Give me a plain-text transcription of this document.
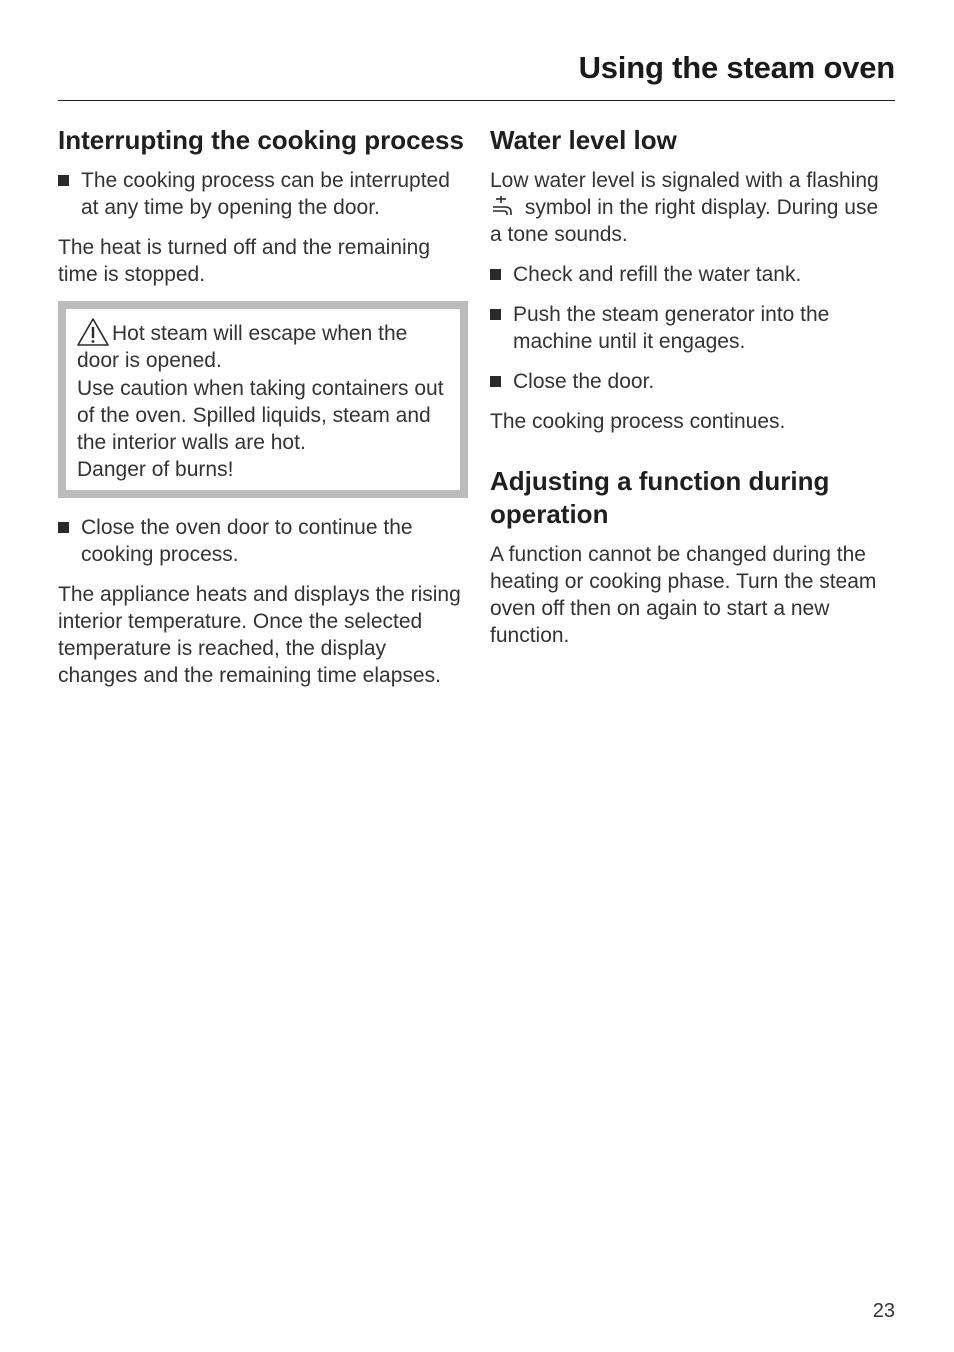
Using the steam oven
Interrupting the cooking process
The cooking process can be interrupted at any time by opening the door.

The heat is turned off and the remaining time is stopped.

Hot steam will escape when the door is opened.
Use caution when taking containers out of the oven. Spilled liquids, steam and the interior walls are hot.
Danger of burns!
Close the oven door to continue the cooking process.

The appliance heats and displays the rising interior temperature. Once the selected temperature is reached, the display changes and the remaining time elapses.

Water level low

Low water level is signaled with a flashing  symbol in the right display. During use a tone sounds.

Check and refill the water tank.
Push the steam generator into the machine until it engages.
Close the door.

The cooking process continues.

Adjusting a function during operation

A function cannot be changed during the heating or cooking phase. Turn the steam oven off then on again to start a new function.

23
